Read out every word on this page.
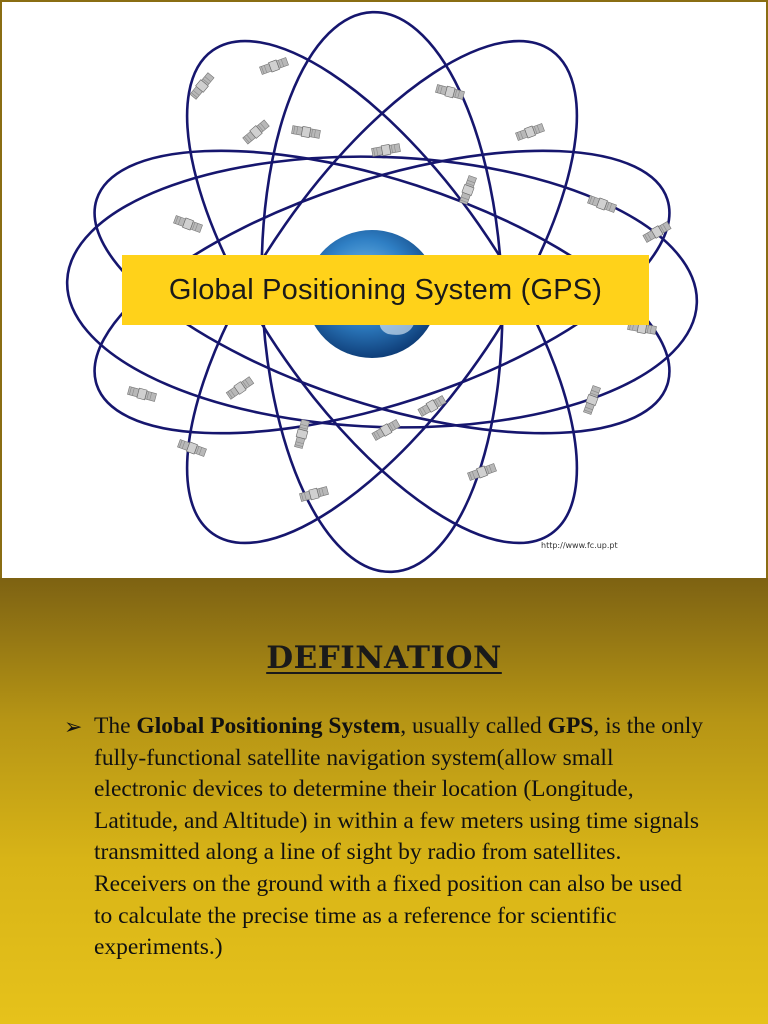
Global Positioning System (GPS)
http://www.fc.up.pt
DEFINATION
➢ The Global Positioning System, usually called GPS, is the only fully-functional satellite navigation system(allow small electronic devices to determine their location (Longitude, Latitude, and Altitude) in within a few meters using time signals transmitted along a line of sight by radio from satellites. Receivers on the ground with a fixed position can also be used to calculate the precise time as a reference for scientific experiments.)
